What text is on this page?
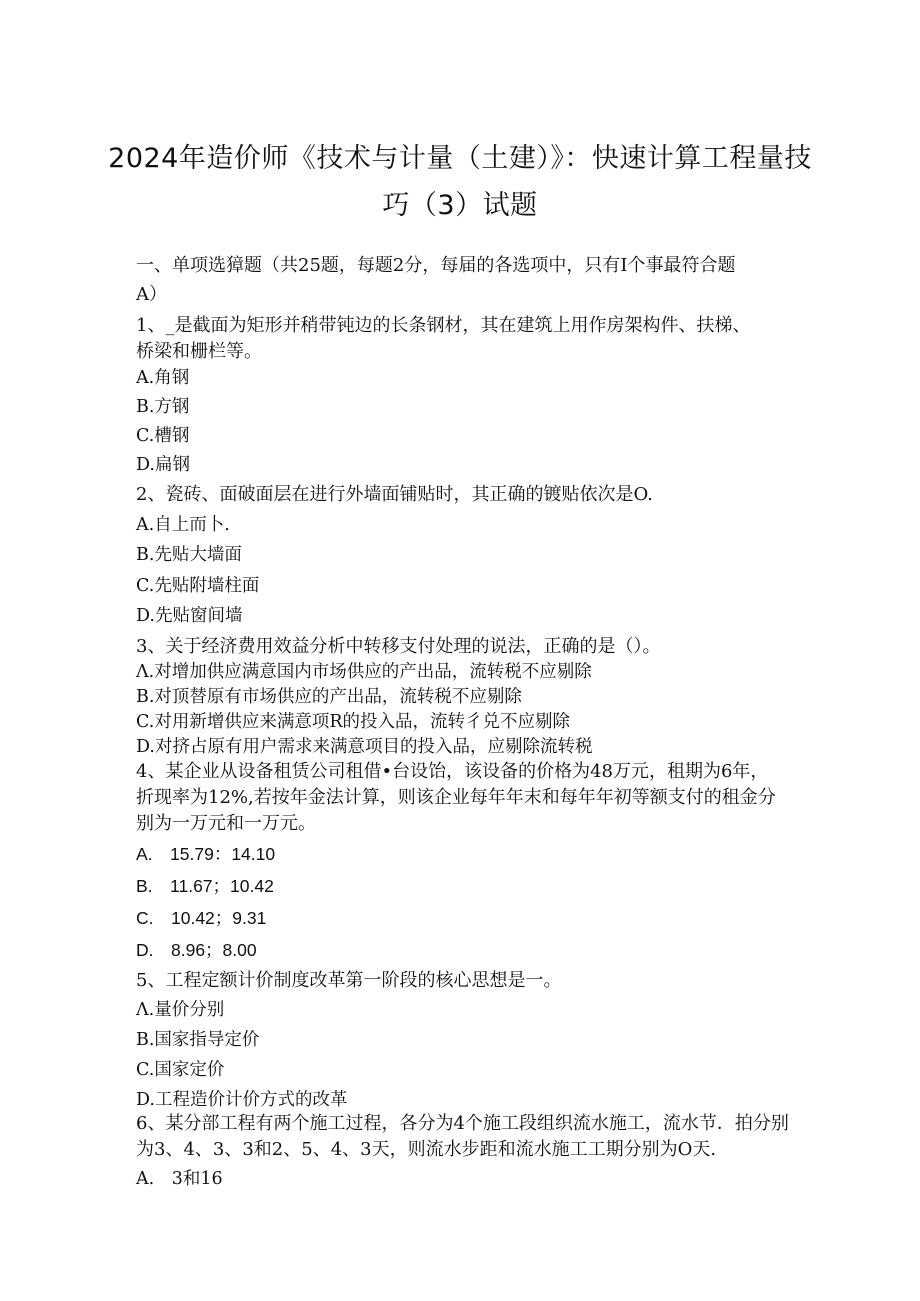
2024年造价师《技术与计量（土建）》：快速计算工程量技
巧（3）试题
一、单项选獐题（共25题，每题2分，每届的各选项中，只有Ⅰ个事最符合题
A）
1、_是截面为矩形并稍带钝边的长条钢材，其在建筑上用作房架构件、扶梯、
桥梁和栅栏等。
A.角钢
B.方钢
C.槽钢
D.扁钢
2、瓷砖、面破面层在进行外墙面铺贴时，其正确的镀贴依次是O.
A.自上而卜.
B.先贴大墙面
C.先贴附墙柱面
D.先贴窗间墙
3、关于经济费用效益分析中转移支付处理的说法，正确的是（）。
Λ.对增加供应满意国内市场供应的产出品，流转税不应剔除
B.对顶替原有市场供应的产出品，流转税不应剔除
C.对用新增供应来满意项R的投入品，流转彳兑不应剔除
D.对挤占原有用户需求来满意项目的投入品，应剔除流转税
4、某企业从设备租赁公司租借•台设饴，该设备的价格为48万元，租期为6年，
折现率为12%,若按年金法计算，则该企业每年年末和每年年初等额支付的租金分
别为一万元和一万元。
A.　15.79：14.10
B.　11.67；10.42
C.　10.42；9.31
D.　8.96；8.00
5、工程定额计价制度改革第一阶段的核心思想是一。
Λ.量价分别
B.国家指导定价
C.国家定价
D.工程造价计价方式的改革
6、某分部工程有两个施工过程，各分为4个施工段组织流水施工，流水节．拍分别
为3、4、3、3和2、5、4、3天，则流水步距和流水施工工期分别为O天.
A.　3和16
